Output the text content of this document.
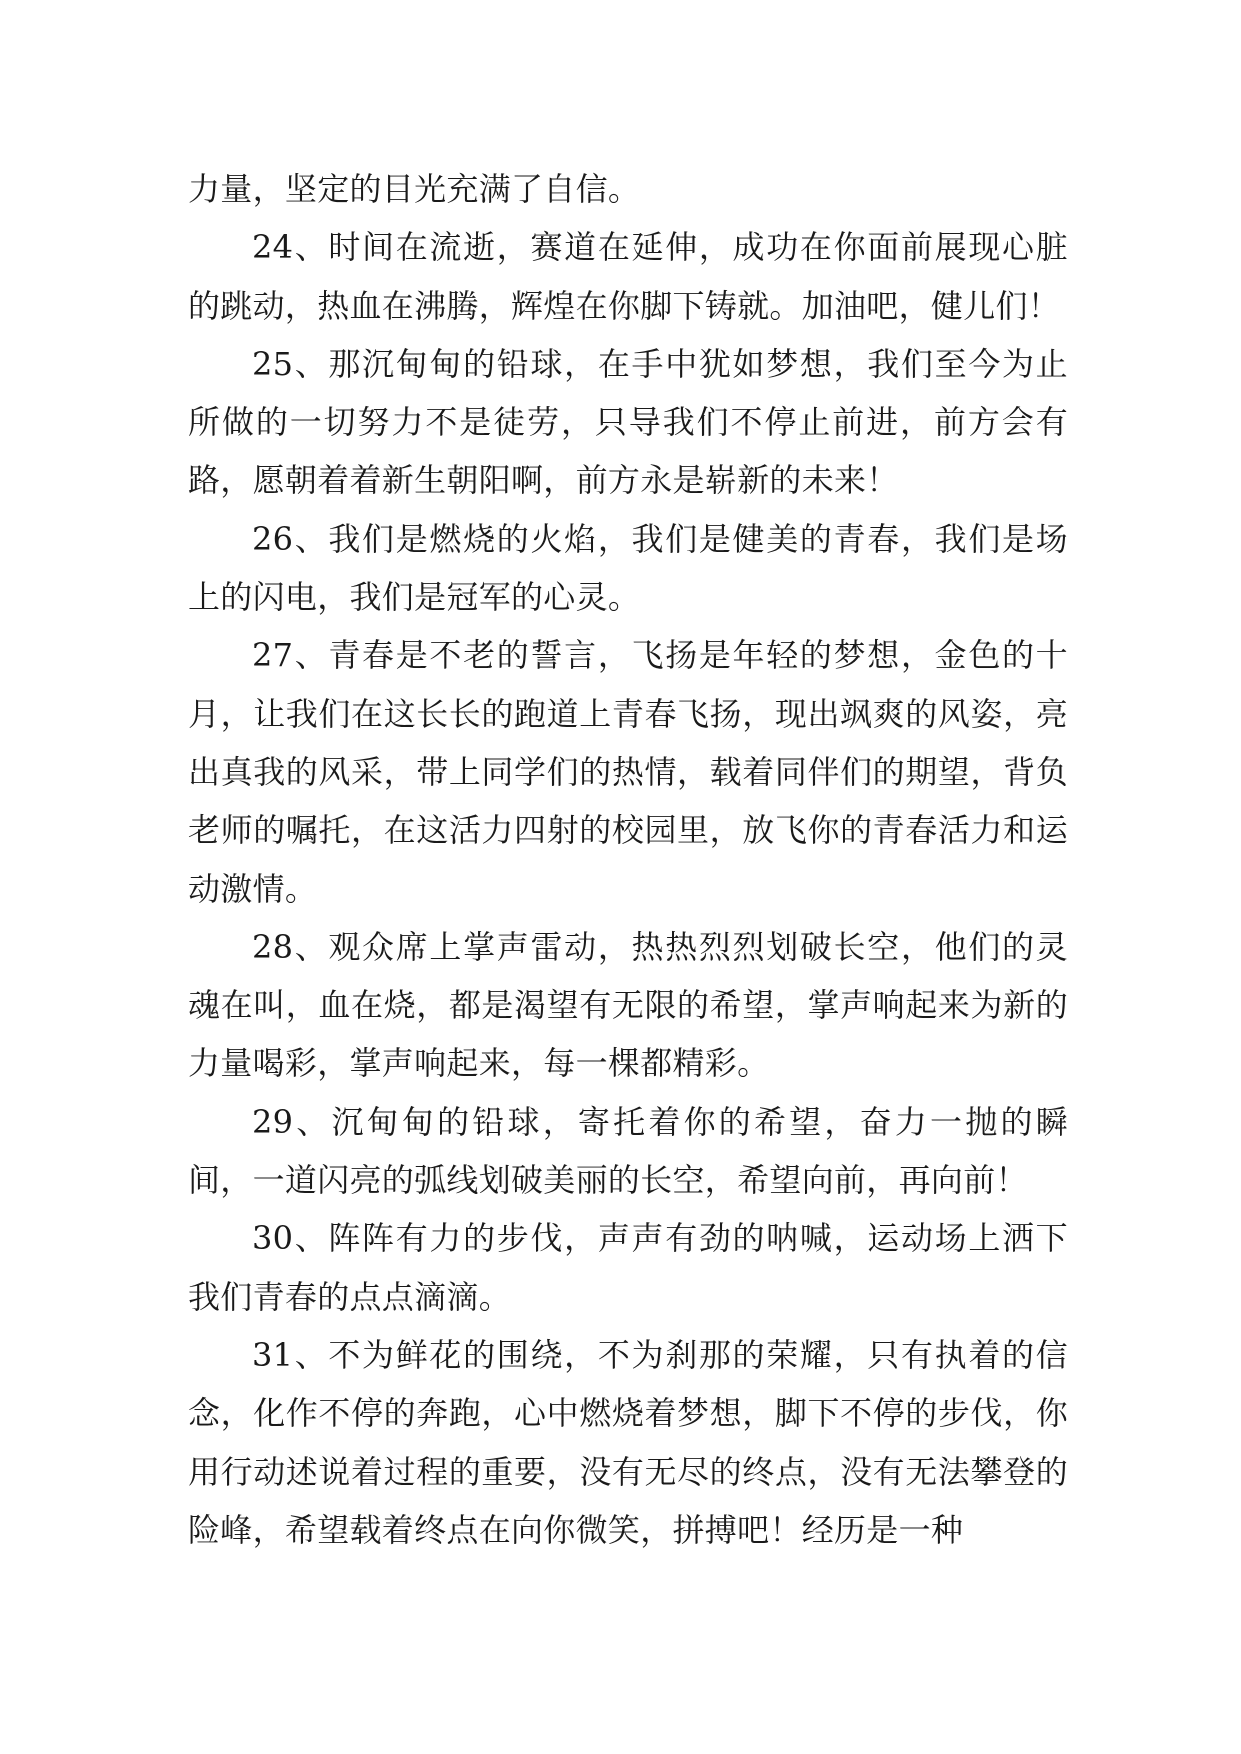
力量，坚定的目光充满了自信。

24、时间在流逝，赛道在延伸，成功在你面前展现心脏的跳动，热血在沸腾，辉煌在你脚下铸就。加油吧，健儿们！

25、那沉甸甸的铅球，在手中犹如梦想，我们至今为止所做的一切努力不是徒劳，只导我们不停止前进，前方会有路，愿朝着着新生朝阳啊，前方永是崭新的未来！

26、我们是燃烧的火焰，我们是健美的青春，我们是场上的闪电，我们是冠军的心灵。

27、青春是不老的誓言，飞扬是年轻的梦想，金色的十月，让我们在这长长的跑道上青春飞扬，现出飒爽的风姿，亮出真我的风采，带上同学们的热情，载着同伴们的期望，背负老师的嘱托，在这活力四射的校园里，放飞你的青春活力和运动激情。

28、观众席上掌声雷动，热热烈烈划破长空，他们的灵魂在叫，血在烧，都是渴望有无限的希望，掌声响起来为新的力量喝彩，掌声响起来，每一棵都精彩。

29、沉甸甸的铅球，寄托着你的希望，奋力一抛的瞬间，一道闪亮的弧线划破美丽的长空，希望向前，再向前！

30、阵阵有力的步伐，声声有劲的呐喊，运动场上洒下我们青春的点点滴滴。

31、不为鲜花的围绕，不为刹那的荣耀，只有执着的信念，化作不停的奔跑，心中燃烧着梦想，脚下不停的步伐，你用行动述说着过程的重要，没有无尽的终点，没有无法攀登的险峰，希望载着终点在向你微笑，拼搏吧！经历是一种
